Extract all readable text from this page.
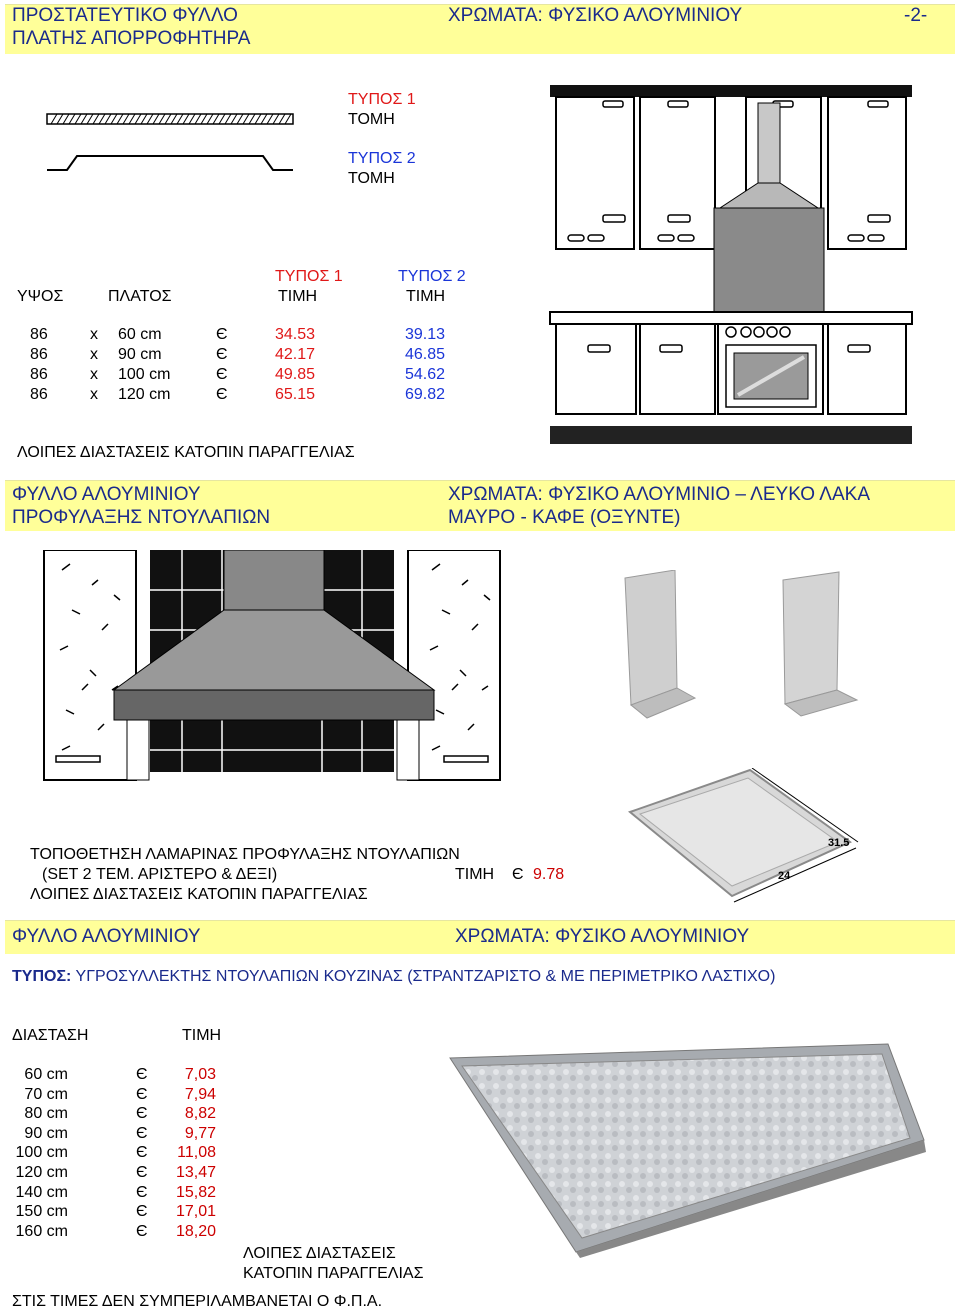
ΠΡΟΣΤΑΤΕΥΤΙΚΟ ΦΥΛΛΟ
ΠΛΑΤΗΣ ΑΠΟΡΡΟΦΗΤΗΡΑ
ΧΡΩΜΑΤΑ: ΦΥΣΙΚΟ ΑΛΟΥΜΙΝΙΟΥ	-2-
ΤΥΠΟΣ 1
ΤΟΜΗ
ΤΥΠΟΣ 2
ΤΟΜΗ
ΤΥΠΟΣ 1	ΤΥΠΟΣ 2
ΥΨΟΣ	ΠΛΑΤΟΣ	ΤΙΜΗ	ΤΙΜΗ
86	x 60 cm	Є	34.53	39.13
86	x 90 cm	Є	42.17	46.85
86	x 100 cm	Є	49.85	54.62
86	x 120 cm	Є	65.15	69.82
ΛΟΙΠΕΣ ΔΙΑΣΤΑΣΕΙΣ ΚΑΤΟΠΙΝ ΠΑΡΑΓΓΕΛΙΑΣ
ΦΥΛΛΟ ΑΛΟΥΜΙΝΙΟΥ
ΠΡΟΦΥΛΑΞΗΣ ΝΤΟΥΛΑΠΙΩΝ
ΧΡΩΜΑΤΑ: ΦΥΣΙΚΟ ΑΛΟΥΜΙΝΙΟ – ΛΕΥΚΟ ΛΑΚΑ
ΜΑΥΡΟ - ΚΑΦΕ (ΟΞΥΝΤΕ)
31.5
24
ΤΟΠΟΘΕΤΗΣΗ ΛΑΜΑΡΙΝΑΣ ΠΡΟΦΥΛΑΞΗΣ ΝΤΟΥΛΑΠΙΩΝ
(SET 2 ΤΕΜ. ΑΡΙΣΤΕΡΟ & ΔΕΞΙ)	ΤΙΜΗ Є 9.78
ΛΟΙΠΕΣ ΔΙΑΣΤΑΣΕΙΣ ΚΑΤΟΠΙΝ ΠΑΡΑΓΓΕΛΙΑΣ
ΦΥΛΛΟ ΑΛΟΥΜΙΝΙΟΥ	ΧΡΩΜΑΤΑ: ΦΥΣΙΚΟ ΑΛΟΥΜΙΝΙΟΥ
ΤΥΠΟΣ: ΥΓΡΟΣΥΛΛΕΚΤΗΣ ΝΤΟΥΛΑΠΙΩΝ ΚΟΥΖΙΝΑΣ (ΣΤΡΑΝΤΖΑΡΙΣΤΟ & ΜΕ ΠΕΡΙΜΕΤΡΙΚΟ ΛΑΣΤΙΧΟ)
ΔΙΑΣΤΑΣΗ	ΤΙΜΗ
60 cm	Є	7,03
70 cm	Є	7,94
80 cm	Є	8,82
90 cm	Є	9,77
100 cm	Є	11,08
120 cm	Є	13,47
140 cm	Є	15,82
150 cm	Є	17,01
160 cm	Є	18,20
ΛΟΙΠΕΣ ΔΙΑΣΤΑΣΕΙΣ
ΚΑΤΟΠΙΝ ΠΑΡΑΓΓΕΛΙΑΣ
ΣΤΙΣ ΤΙΜΕΣ ΔΕΝ ΣΥΜΠΕΡΙΛΑΜΒΑΝΕΤΑΙ Ο Φ.Π.Α.
